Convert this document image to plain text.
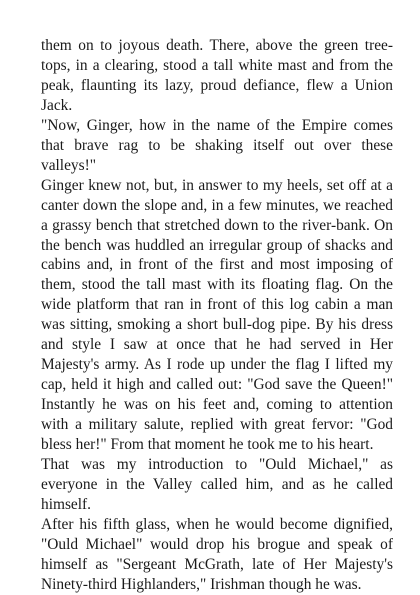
them on to joyous death. There, above the green tree-tops, in a clearing, stood a tall white mast and from the peak, flaunting its lazy, proud defiance, flew a Union Jack.

"Now, Ginger, how in the name of the Empire comes that brave rag to be shaking itself out over these valleys!"

Ginger knew not, but, in answer to my heels, set off at a canter down the slope and, in a few minutes, we reached a grassy bench that stretched down to the river-bank. On the bench was huddled an irregular group of shacks and cabins and, in front of the first and most imposing of them, stood the tall mast with its floating flag. On the wide platform that ran in front of this log cabin a man was sitting, smoking a short bull-dog pipe. By his dress and style I saw at once that he had served in Her Majesty's army. As I rode up under the flag I lifted my cap, held it high and called out: "God save the Queen!" Instantly he was on his feet and, coming to attention with a military salute, replied with great fervor: "God bless her!" From that moment he took me to his heart.

That was my introduction to "Ould Michael," as everyone in the Valley called him, and as he called himself.

After his fifth glass, when he would become dignified, "Ould Michael" would drop his brogue and speak of himself as "Sergeant McGrath, late of Her Majesty's Ninety-third Highlanders," Irishman though he was.
